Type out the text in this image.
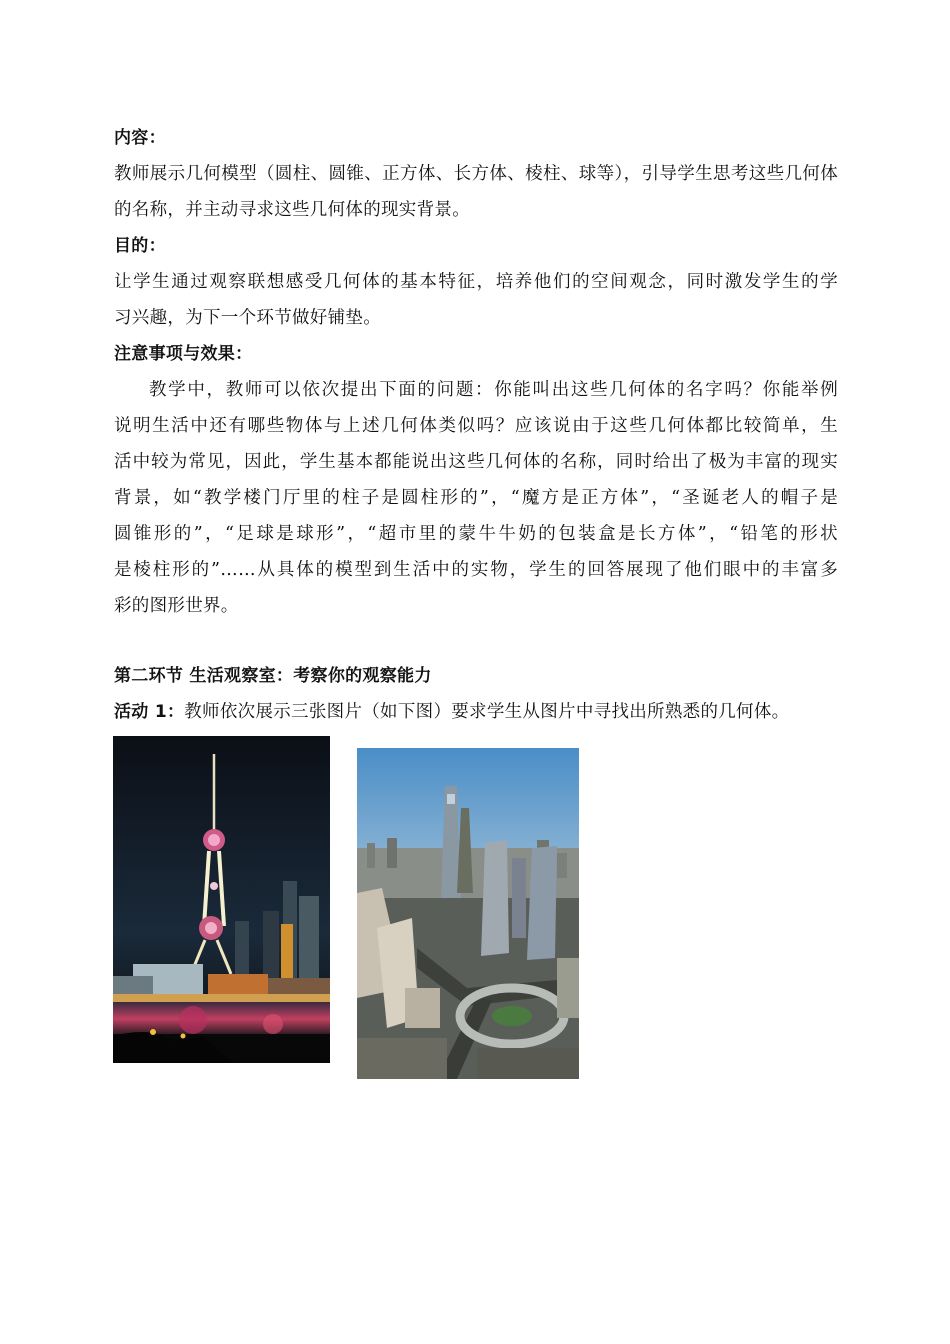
内容：
教师展示几何模型（圆柱、圆锥、正方体、长方体、棱柱、球等），引导学生思考这些几何体
的名称，并主动寻求这些几何体的现实背景。
目的：
让学生通过观察联想感受几何体的基本特征，培养他们的空间观念，同时激发学生的学
习兴趣，为下一个环节做好铺垫。
注意事项与效果：
教学中，教师可以依次提出下面的问题：你能叫出这些几何体的名字吗？你能举例
说明生活中还有哪些物体与上述几何体类似吗？应该说由于这些几何体都比较简单，生
活中较为常见，因此，学生基本都能说出这些几何体的名称，同时给出了极为丰富的现实
背景，如“教学楼门厅里的柱子是圆柱形的”，“魔方是正方体”，“圣诞老人的帽子是
圆锥形的”，“足球是球形”，“超市里的蒙牛牛奶的包装盒是长方体”，“铅笔的形状
是棱柱形的”……从具体的模型到生活中的实物，学生的回答展现了他们眼中的丰富多
彩的图形世界。
第二环节 生活观察室：考察你的观察能力
活动 1：教师依次展示三张图片（如下图）要求学生从图片中寻找出所熟悉的几何体。
